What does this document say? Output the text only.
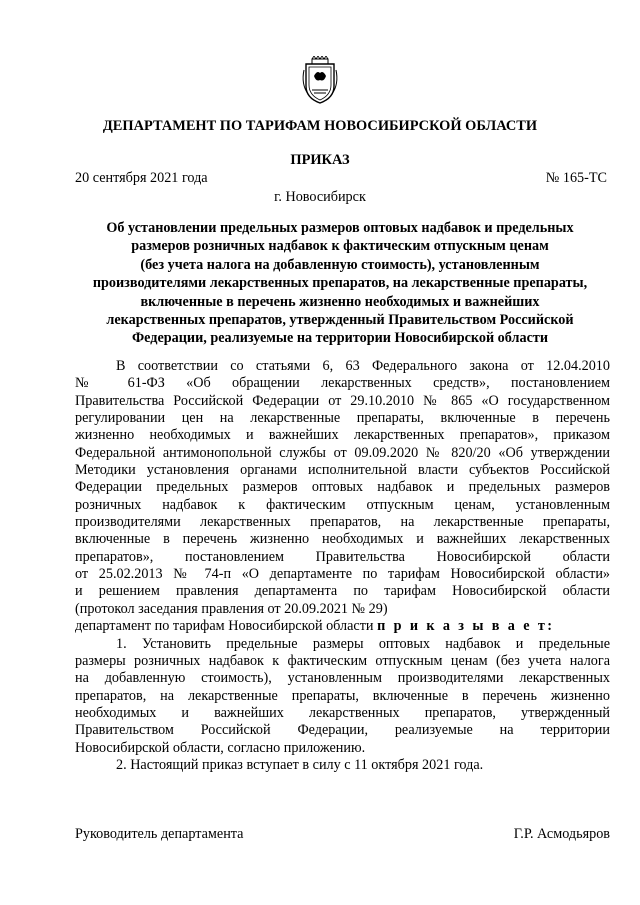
ДЕПАРТАМЕНТ ПО ТАРИФАМ НОВОСИБИРСКОЙ ОБЛАСТИ
ПРИКАЗ
20 сентября 2021 года	№ 165-ТС
г. Новосибирск
Об установлении предельных размеров оптовых надбавок и предельных
размеров розничных надбавок к фактическим отпускным ценам
(без учета налога на добавленную стоимость), установленным
производителями лекарственных препаратов, на лекарственные препараты,
включенные в перечень жизненно необходимых и важнейших
лекарственных препаратов, утвержденный Правительством Российской
Федерации, реализуемые на территории Новосибирской области
В соответствии со статьями 6, 63 Федерального закона от 12.04.2010
№ 61-ФЗ «Об обращении лекарственных средств», постановлением
Правительства Российской Федерации от 29.10.2010 № 865 «О государственном
регулировании цен на лекарственные препараты, включенные в перечень
жизненно необходимых и важнейших лекарственных препаратов», приказом
Федеральной антимонопольной службы от 09.09.2020 № 820/20 «Об утверждении
Методики установления органами исполнительной власти субъектов Российской
Федерации предельных размеров оптовых надбавок и предельных размеров
розничных надбавок к фактическим отпускным ценам, установленным
производителями лекарственных препаратов, на лекарственные препараты,
включенные в перечень жизненно необходимых и важнейших лекарственных
препаратов», постановлением Правительства Новосибирской области
от 25.02.2013 № 74-п «О департаменте по тарифам Новосибирской области»
и решением правления департамента по тарифам Новосибирской области
(протокол заседания правления от 20.09.2021 № 29)
департамент по тарифам Новосибирской области п р и к а з ы в а е т:
1. Установить предельные размеры оптовых надбавок и предельные
размеры розничных надбавок к фактическим отпускным ценам (без учета налога
на добавленную стоимость), установленным производителями лекарственных
препаратов, на лекарственные препараты, включенные в перечень жизненно
необходимых и важнейших лекарственных препаратов, утвержденный
Правительством Российской Федерации, реализуемые на территории
Новосибирской области, согласно приложению.
2. Настоящий приказ вступает в силу с 11 октября 2021 года.
Руководитель департамента	Г.Р. Асмодьяров
